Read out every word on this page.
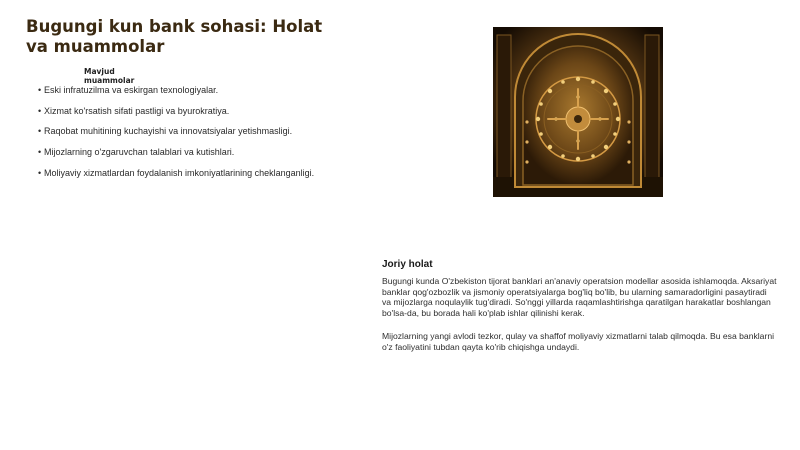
Bugungi kun bank sohasi: Holat va muammolar
Mavjud muammolar
• Eski infratuzilma va eskirgan texnologiyalar.
• Xizmat ko'rsatish sifati pastligi va byurokratiya.
• Raqobat muhitining kuchayishi va innovatsiyalar yetishmasligi.
• Mijozlarning o'zgaruvchan talablari va kutishlari.
• Moliyaviy xizmatlardan foydalanish imkoniyatlarining cheklanganligi.
Joriy holat

Bugungi kunda O'zbekiston tijorat banklari an'anaviy operatsion modellar asosida ishlamoqda. Aksariyat banklar qog'ozbozlik va jismoniy operatsiyalarga bog'liq bo'lib, bu ularning samaradorligini pasaytiradi va mijozlarga noqulaylik tug'diradi. So'nggi yillarda raqamlashtirishga qaratilgan harakatlar boshlangan bo'lsa-da, bu borada hali ko'plab ishlar qilinishi kerak.

Mijozlarning yangi avlodi tezkor, qulay va shaffof moliyaviy xizmatlarni talab qilmoqda. Bu esa banklarni o'z faoliyatini tubdan qayta ko'rib chiqishga undaydi.
